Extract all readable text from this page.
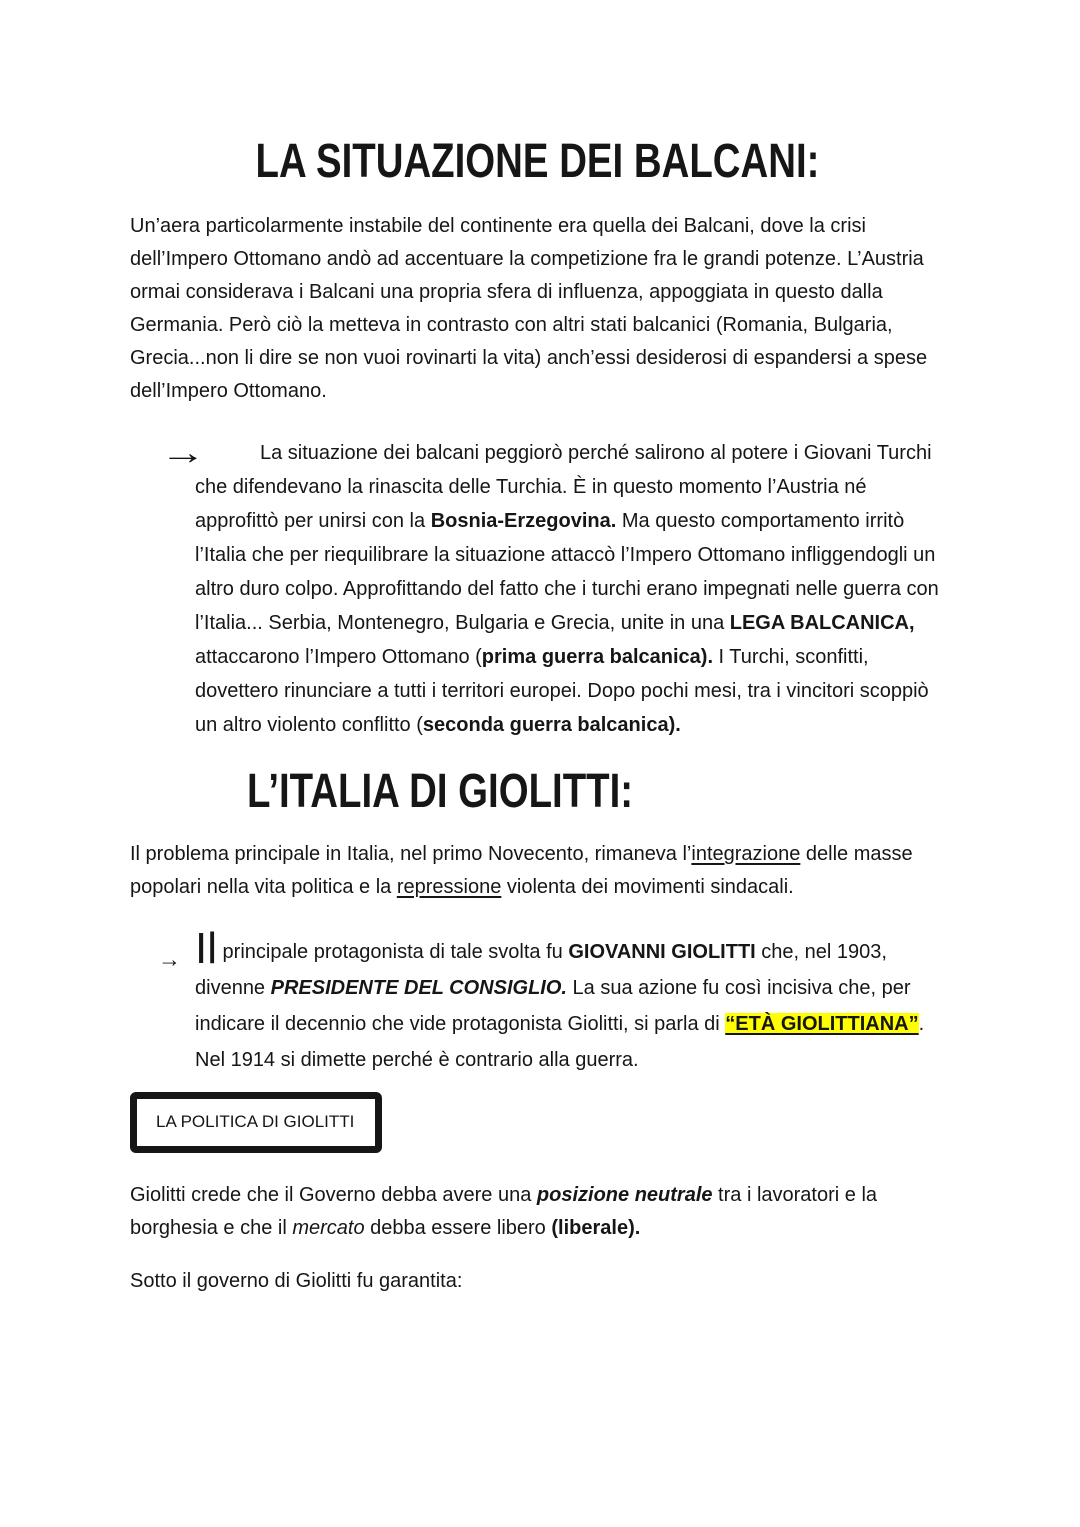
LA SITUAZIONE DEI BALCANI:

Un’aera particolarmente instabile del continente era quella dei Balcani, dove la crisi dell’Impero Ottomano andò ad accentuare la competizione fra le grandi potenze. L’Austria ormai considerava i Balcani una propria sfera di influenza, appoggiata in questo dalla Germania. Però ciò la metteva in contrasto con altri stati balcanici (Romania, Bulgaria, Grecia...non li dire se non vuoi rovinarti la vita) anch’essi desiderosi di espandersi a spese dell’Impero Ottomano.

→	La situazione dei balcani peggiorò perché salirono al potere i Giovani Turchi che difendevano la rinascita delle Turchia. È in questo momento l’Austria né approfittò per unirsi con la Bosnia-Erzegovina. Ma questo comportamento irritò l’Italia che per riequilibrare la situazione attaccò l’Impero Ottomano infliggendogli un altro duro colpo. Approfittando del fatto che i turchi erano impegnati nelle guerra con l’Italia... Serbia, Montenegro, Bulgaria e Grecia, unite in una LEGA BALCANICA, attaccarono l’Impero Ottomano (prima guerra balcanica). I Turchi, sconfitti, dovettero rinunciare a tutti i territori europei. Dopo pochi mesi, tra i vincitori scoppiò un altro violento conflitto (seconda guerra balcanica).
L’ITALIA DI GIOLITTI:

Il problema principale in Italia, nel primo Novecento, rimaneva l’integrazione delle masse popolari nella vita politica e la repressione violenta dei movimenti sindacali.

→ Il principale protagonista di tale svolta fu GIOVANNI GIOLITTI che, nel 1903, divenne PRESIDENTE DEL CONSIGLIO. La sua azione fu così incisiva che, per indicare il decennio che vide protagonista Giolitti, si parla di “ETÀ GIOLITTIANA”. Nel 1914 si dimette perché è contrario alla guerra.
LA POLITICA DI GIOLITTI

Giolitti crede che il Governo debba avere una posizione neutrale tra i lavoratori e la borghesia e che il mercato debba essere libero (liberale).

Sotto il governo di Giolitti fu garantita:
